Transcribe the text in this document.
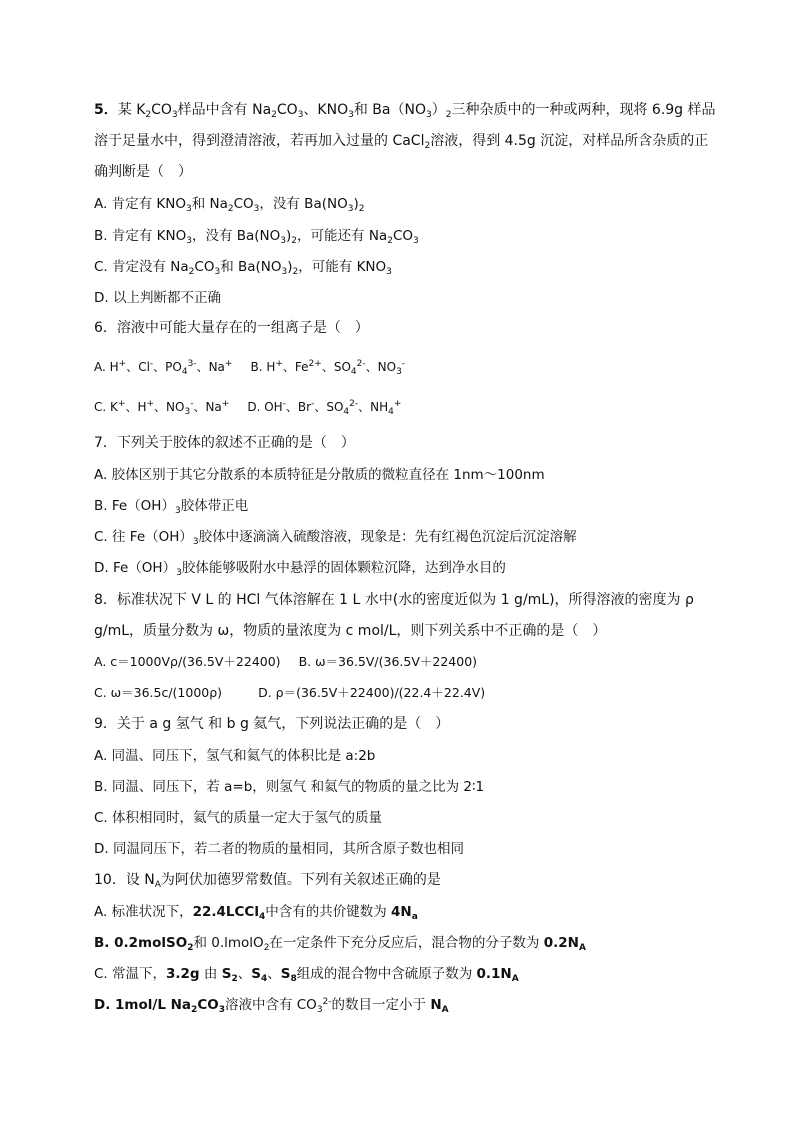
5．某 $K_2CO_3$样品中含有 $Na_2CO_3$、$KNO_3$和 $Ba(NO_3)_2$三种杂质中的一种或两种，现将 6.9g 样品
溶于足量水中，得到澄清溶液，若再加入过量的 CaCl$_2$溶液，得到 4.5g 沉淀，对样品所含杂质的正
确判断是（　）
A. 肯定有 $KNO_3$和 $Na_2CO_3$，没有 $Ba(NO_3)_2$
B. 肯定有 $KNO_3$，没有 $Ba(NO_3)_2$，可能还有 $Na_2CO_3$
C. 肯定没有 $Na_2CO_3$和 $Ba(NO_3)_2$，可能有 $KNO_3$
D. 以上判断都不正确
6．溶液中可能大量存在的一组离子是（　）
A. H+、Cl-、$PO_4^{3-}$、Na+ B. H+、$Fe^{2+}$、$SO_4^{2-}$、$NO_3^-$
C. K+、H+、$NO_3^-$、Na+ D. OH-、Br-、$SO_4^{2-}$、$NH_4^+$
7．下列关于胶体的叙述不正确的是（　）
A. 胶体区别于其它分散系的本质特征是分散质的微粒直径在 1nm～100nm
B. $Fe(OH)_3$胶体带正电
C. 往 $Fe(OH)_3$胶体中逐滴滴入硫酸溶液，现象是：先有红褐色沉淀后沉淀溶解
D. $Fe(OH)_3$胶体能够吸附水中悬浮的固体颗粒沉降，达到净水目的
8．标准状况下 V L 的 HCl 气体溶解在 1 L 水中(水的密度近似为 1 g/mL)，所得溶液的密度为 ρ
g/mL，质量分数为 ω，物质的量浓度为 c mol/L，则下列关系中不正确的是（　）
A. c＝1000Vρ/(36.5V＋22400) B. ω＝36.5V/(36.5V＋22400)
C. ω＝36.5c/(1000ρ)	D. ρ＝(36.5V＋22400)/(22.4＋22.4V)
9．关于 a g 氢气 和 b g 氦气，下列说法正确的是（　）
A. 同温、同压下，氢气和氦气的体积比是 a:2b
B. 同温、同压下，若 a=b，则氢气 和氦气的物质的量之比为 2∶1
C. 体积相同时，氦气的质量一定大于氢气的质量
D. 同温同压下，若二者的物质的量相同，其所含原子数也相同
10．设 $N_A$为阿伏加德罗常数值。下列有关叙述正确的是
A. 标准状况下，22.4LCCl$_4$中含有的共价键数为 $4N_a$
B. 0.2molSO$_2$和 0.lmolO$_2$在一定条件下充分反应后，混合物的分子数为 $0.2N_A$
C. 常温下，3.2g 由 $S_2$、$S_4$、$S_8$组成的混合物中含硫原子数为 $0.1N_A$
D. 1mol/L $Na_2CO_3$溶液中含有 $CO_3^{2-}$的数目一定小于 $N_A$
